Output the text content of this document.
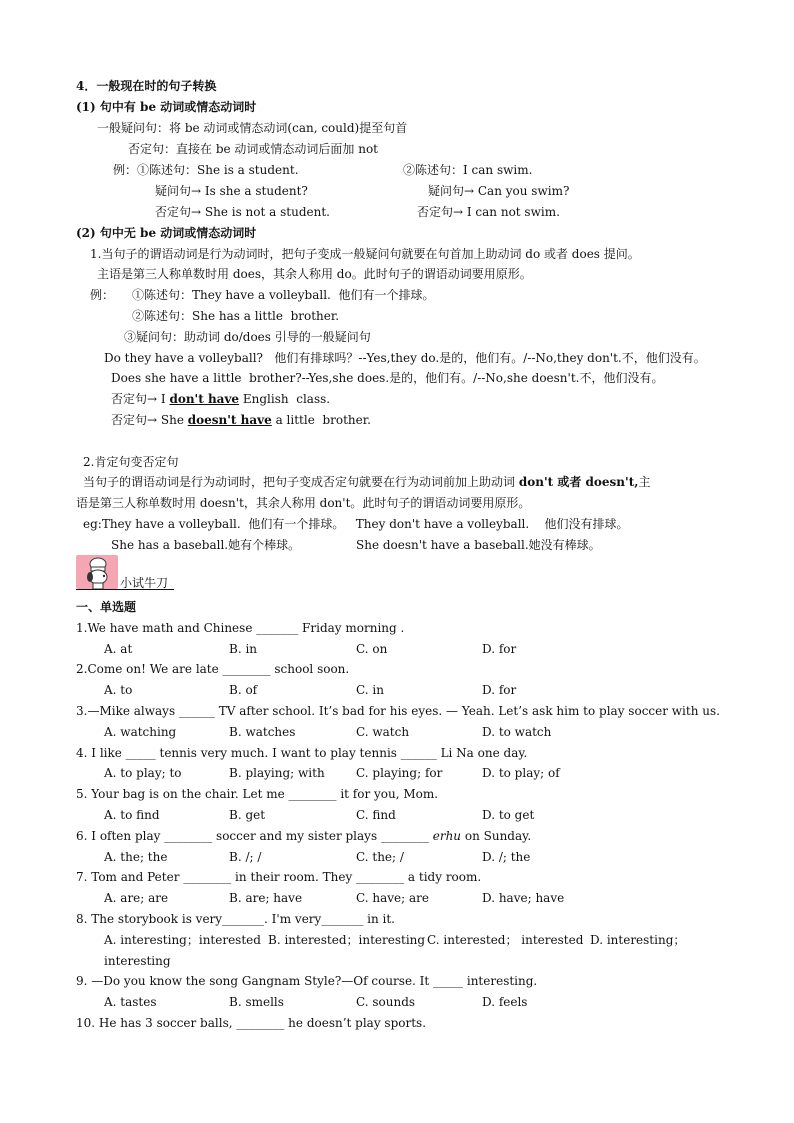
4．一般现在时的句子转换
(1) 句中有 be 动词或情态动词时
一般疑问句：将 be 动词或情态动词(can, could)提至句首
否定句：直接在 be 动词或情态动词后面加 not
例：①陈述句：She is a student.	②陈述句：I can swim.
疑问句→ Is she a student?	疑问句→ Can you swim?
否定句→ She is not a student.	否定句→ I can not swim.
(2) 句中无 be 动词或情态动词时
1.当句子的谓语动词是行为动词时，把句子变成一般疑问句就要在句首加上助动词 do 或者 does 提问。
主语是第三人称单数时用 does，其余人称用 do。此时句子的谓语动词要用原形。
例： ①陈述句：They have a volleyball.  他们有一个排球。
②陈述句：She has a little  brother.
③疑问句：助动词 do/does 引导的一般疑问句
Do they have a volleyball?   他们有排球吗？--Yes,they do.是的，他们有。/--No,they don't.不，他们没有。
Does she have a little  brother?--Yes,she does.是的，他们有。/--No,she doesn't.不，他们没有。
否定句→ I don't have English  class.
否定句→ She doesn't have a little  brother.
2.肯定句变否定句
当句子的谓语动词是行为动词时，把句子变成否定句就要在行为动词前加上助动词 don't 或者 doesn't,主
语是第三人称单数时用 doesn't，其余人称用 don't。此时句子的谓语动词要用原形。
eg:They have a volleyball.  他们有一个排球。   They don't have a volleyball.    他们没有排球。
She has a baseball.她有个棒球。	She doesn't have a baseball.她没有棒球。
小试牛刀
一、单选题
1.We have math and Chinese _______ Friday morning .
A. at	B. in	C. on	D. for
2.Come on! We are late ________ school soon.
A. to	B. of	C. in	D. for
3.—Mike always ______ TV after school. It’s bad for his eyes. — Yeah. Let’s ask him to play soccer with us.
A. watching	B. watches	C. watch	D. to watch
4. I like _____ tennis very much. I want to play tennis ______ Li Na one day.
A. to play; to	B. playing; with	C. playing; for	D. to play; of
5. Your bag is on the chair. Let me ________ it for you, Mom.
A. to find	B. get	C. find	D. to get
6. I often play ________ soccer and my sister plays ________ erhu on Sunday.
A. the; the	B. /; /	C. the; /	D. /; the
7. Tom and Peter ________ in their room. They ________ a tidy room.
A. are; are	B. are; have	C. have; are	D. have; have
8. The storybook is very_______. I'm very_______ in it.
A. interesting；interested B. interested；interesting C. interested； interested D. interesting；
interesting
9. —Do you know the song Gangnam Style?—Of course. It _____ interesting.
A. tastes	B. smells	C. sounds	D. feels
10. He has 3 soccer balls, ________ he doesn’t play sports.
